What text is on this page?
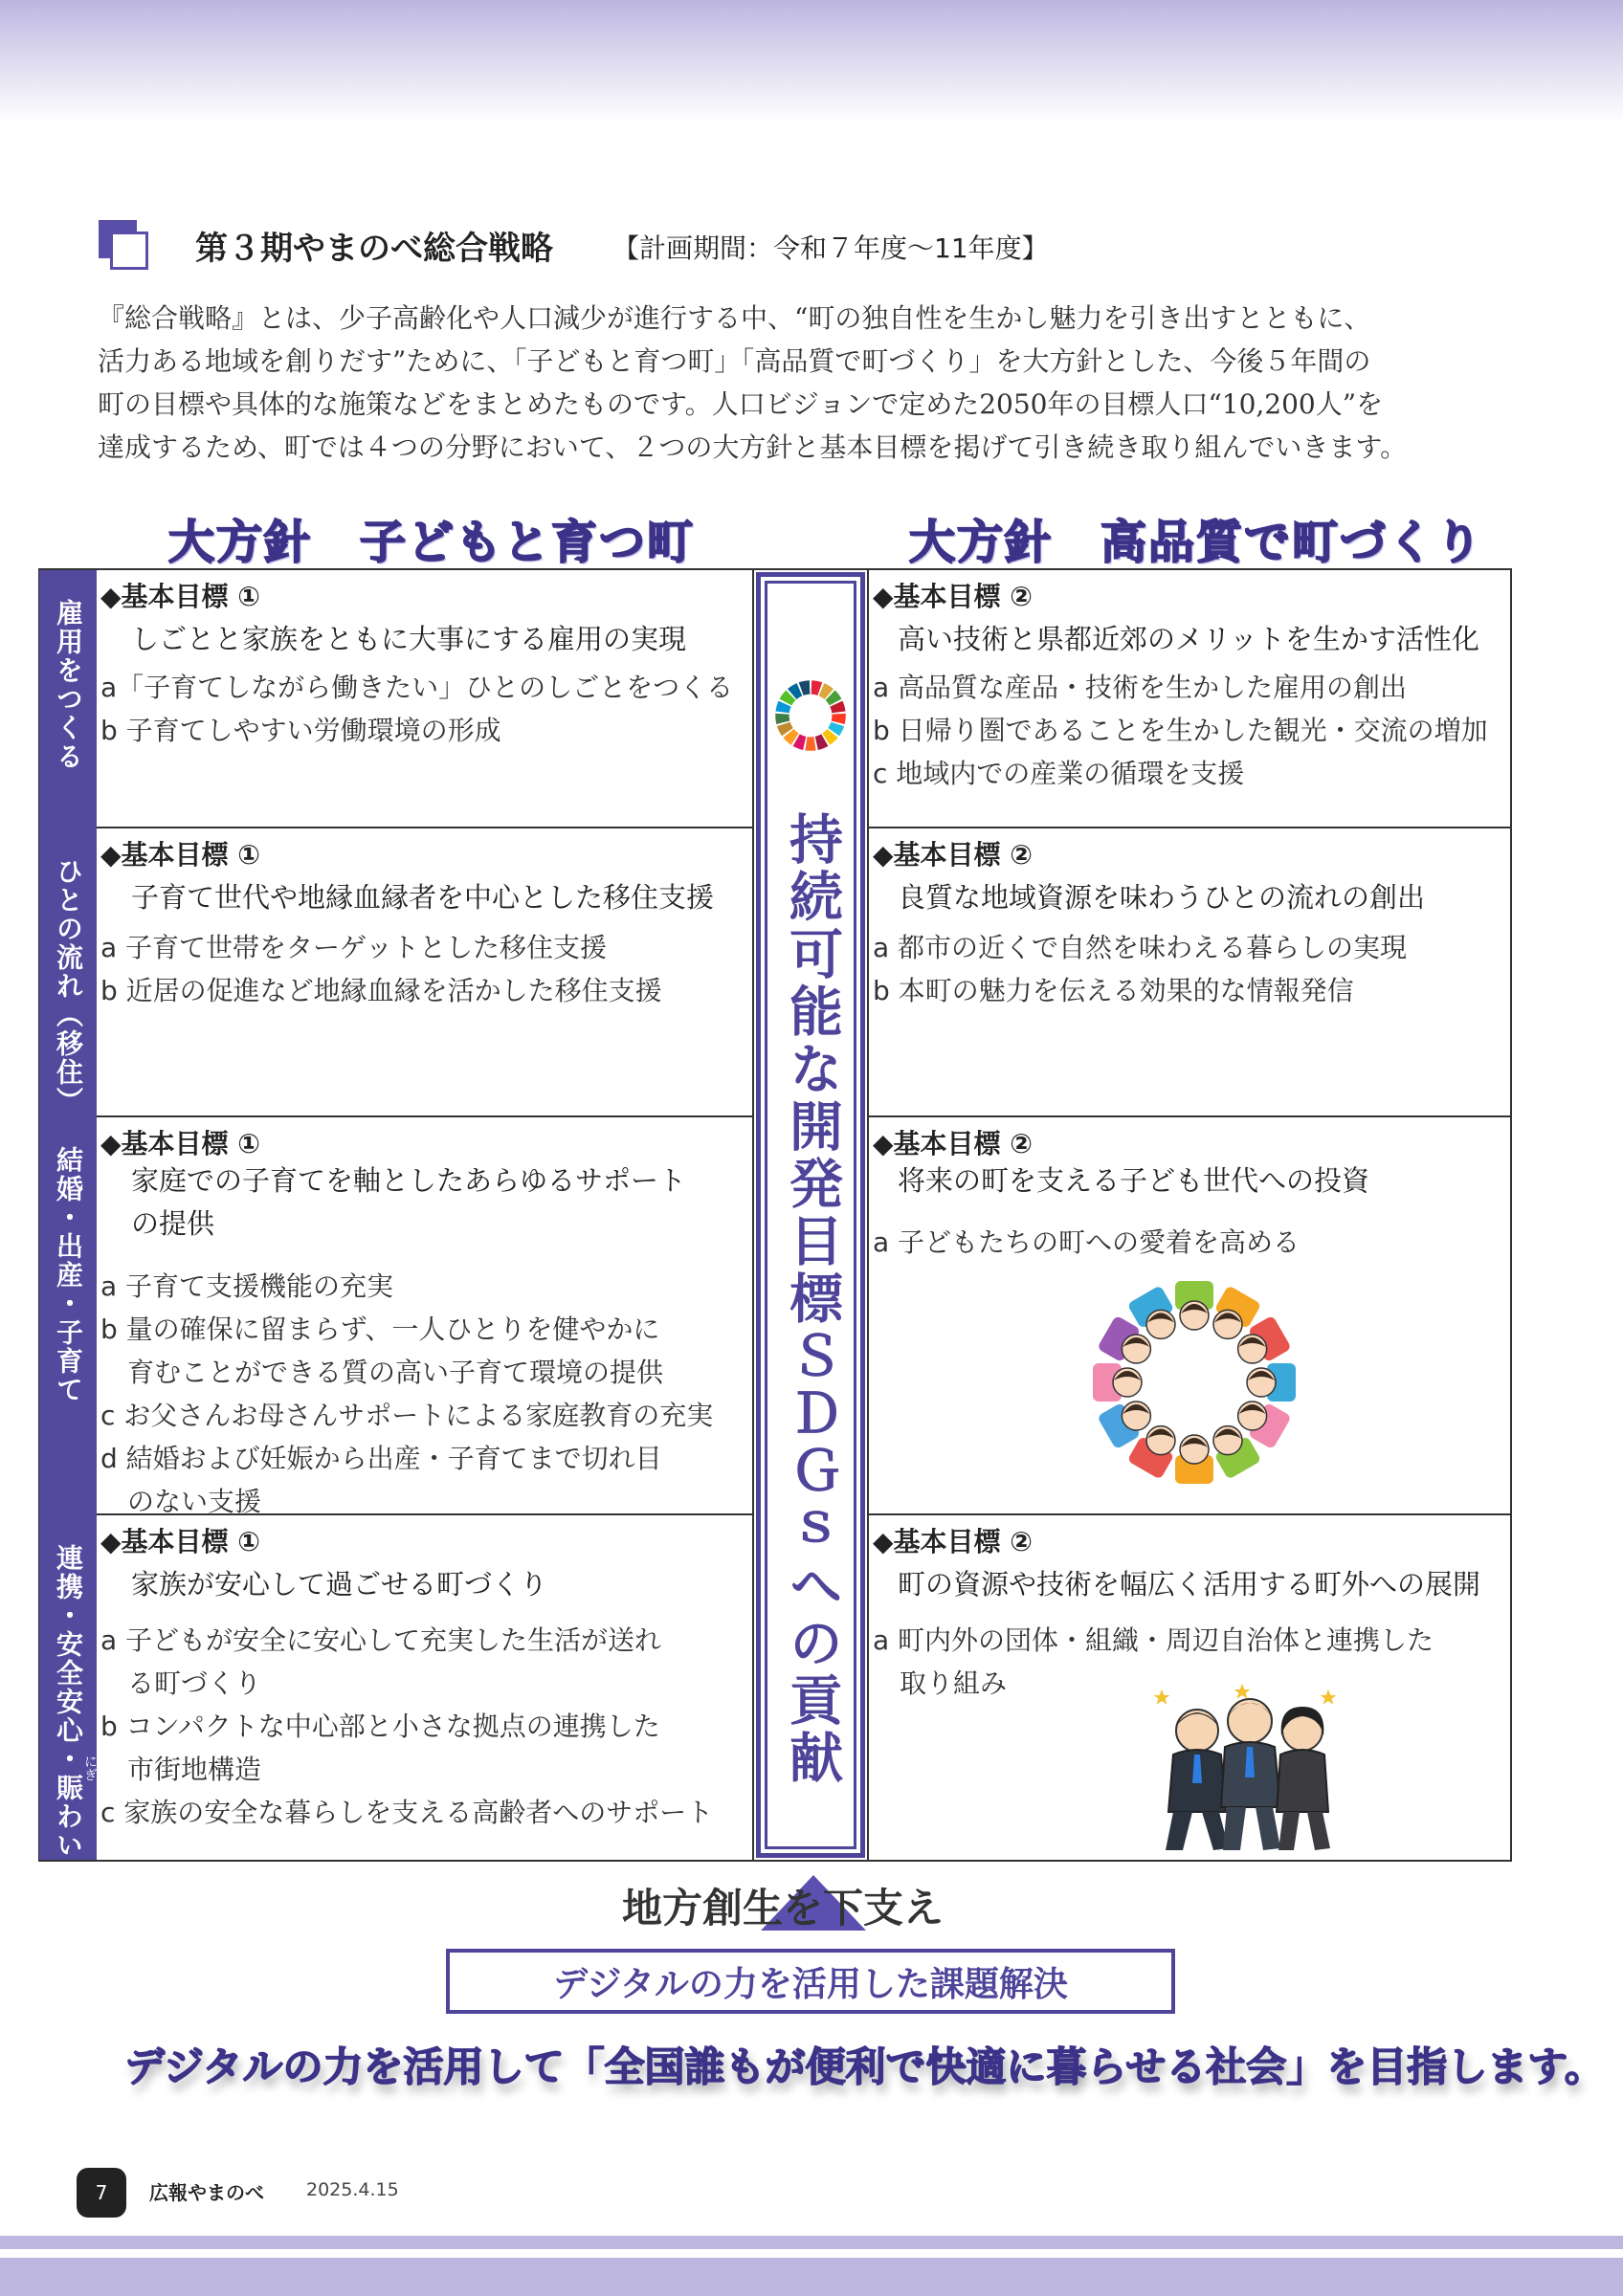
第３期やまのべ総合戦略 【計画期間：令和７年度～11年度】

『総合戦略』とは、少子高齢化や人口減少が進行する中、“町の独自性を生かし魅力を引き出すとともに、

活力ある地域を創りだす”ために、「子どもと育つ町」「高品質で町づくり」を大方針とした、今後５年間の

町の目標や具体的な施策などをまとめたものです。人口ビジョンで定めた2050年の目標人口“10,200人”を

達成するため、町では４つの分野において、２つの大方針と基本目標を掲げて引き続き取り組んでいきます。

大方針　子どもと育つ町	大方針　高品質で町づくり
雇用をつくる
ひとの流れ（移住）
結婚・出産・子育て
連携・安全安心・賑わい
にぎ
◆基本目標 ①
しごとと家族をともに大事にする雇用の実現
a「子育てしながら働きたい」ひとのしごとをつくる
b 子育てしやすい労働環境の形成
◆基本目標 ②
高い技術と県都近郊のメリットを生かす活性化
a 高品質な産品・技術を生かした雇用の創出
b 日帰り圏であることを生かした観光・交流の増加
c 地域内での産業の循環を支援
◆基本目標 ①
子育て世代や地縁血縁者を中心とした移住支援
a 子育て世帯をターゲットとした移住支援
b 近居の促進など地縁血縁を活かした移住支援
◆基本目標 ②
良質な地域資源を味わうひとの流れの創出
a 都市の近くで自然を味わえる暮らしの実現
b 本町の魅力を伝える効果的な情報発信
◆基本目標 ①
家庭での子育てを軸としたあらゆるサポート
の提供
a 子育て支援機能の充実
b 量の確保に留まらず、一人ひとりを健やかに
　育むことができる質の高い子育て環境の提供
c お父さんお母さんサポートによる家庭教育の充実
d 結婚および妊娠から出産・子育てまで切れ目
　のない支援
◆基本目標 ②
将来の町を支える子ども世代への投資
a 子どもたちの町への愛着を高める
◆基本目標 ①
家族が安心して過ごせる町づくり
a 子どもが安全に安心して充実した生活が送れ
　る町づくり
b コンパクトな中心部と小さな拠点の連携した
　市街地構造
c 家族の安全な暮らしを支える高齢者へのサポート
◆基本目標 ②
町の資源や技術を幅広く活用する町外への展開
a 町内外の団体・組織・周辺自治体と連携した
　取り組み
持続可能な開発目標ＳＤＧｓへの貢献
地方創生を下支え
デジタルの力を活用した課題解決
デジタルの力を活用して「全国誰もが便利で快適に暮らせる社会」を目指します。
7	広報やまのべ 2025.4.15
